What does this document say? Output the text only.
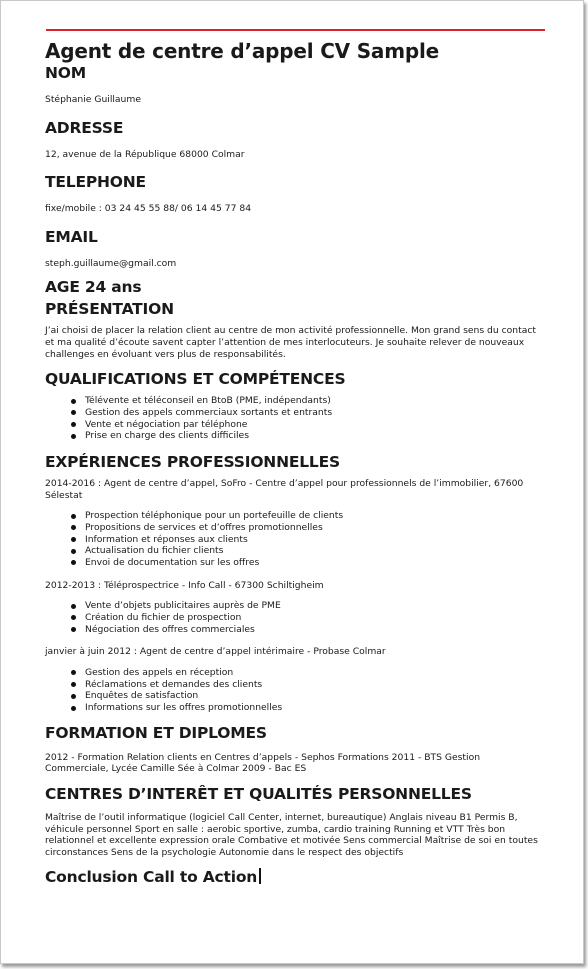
Agent de centre d’appel CV Sample
NOM

Stéphanie Guillaume

ADRESSE

12, avenue de la République 68000 Colmar

TELEPHONE

fixe/mobile : 03 24 45 55 88/ 06 14 45 77 84

EMAIL

steph.guillaume@gmail.com

AGE 24 ans
PRÉSENTATION

J’ai choisi de placer la relation client au centre de mon activité professionnelle. Mon grand sens du contact et ma qualité d’écoute savent capter l’attention de mes interlocuteurs. Je souhaite relever de nouveaux challenges en évoluant vers plus de responsabilités.

QUALIFICATIONS ET COMPÉTENCES
Télévente et téléconseil en BtoB (PME, indépendants)
Gestion des appels commerciaux sortants et entrants
Vente et négociation par téléphone
Prise en charge des clients difficiles
EXPÉRIENCES PROFESSIONNELLES

2014-2016 : Agent de centre d’appel, SoFro - Centre d’appel pour professionnels de l’immobilier, 67600 Sélestat

Prospection téléphonique pour un portefeuille de clients
Propositions de services et d’offres promotionnelles
Information et réponses aux clients
Actualisation du fichier clients
Envoi de documentation sur les offres

2012-2013 : Téléprospectrice - Info Call - 67300 Schiltigheim

Vente d’objets publicitaires auprès de PME
Création du fichier de prospection
Négociation des offres commerciales

janvier à juin 2012 : Agent de centre d’appel intérimaire - Probase Colmar

Gestion des appels en réception
Réclamations et demandes des clients
Enquêtes de satisfaction
Informations sur les offres promotionnelles
FORMATION ET DIPLOMES

2012 - Formation Relation clients en Centres d’appels - Sephos Formations 2011 - BTS Gestion Commerciale, Lycée Camille Sée à Colmar 2009 - Bac ES

CENTRES D’INTERÊT ET QUALITÉS PERSONNELLES

Maîtrise de l’outil informatique (logiciel Call Center, internet, bureautique) Anglais niveau B1 Permis B, véhicule personnel Sport en salle : aerobic sportive, zumba, cardio training Running et VTT Très bon relationnel et excellente expression orale Combative et motivée Sens commercial Maîtrise de soi en toutes circonstances Sens de la psychologie Autonomie dans le respect des objectifs

Conclusion Call to Action
